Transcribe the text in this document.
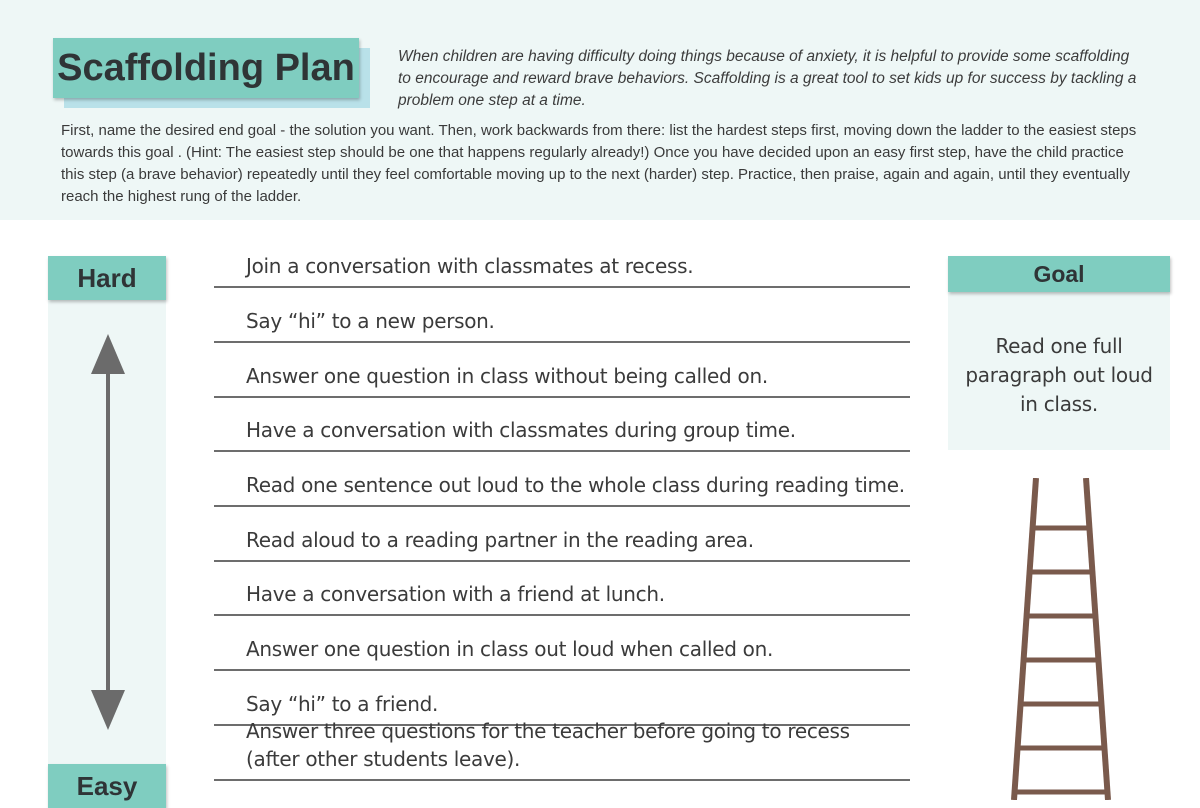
Scaffolding Plan	When children are having difficulty doing things because of anxiety, it is helpful to provide some scaffolding to encourage and reward brave behaviors. Scaffolding is a great tool to set kids up for success by tackling a problem one step at a time.
First, name the desired end goal - the solution you want. Then, work backwards from there: list the hardest steps first, moving down the ladder to the easiest steps towards this goal . (Hint: The easiest step should be one that happens regularly already!) Once you have decided upon an easy first step, have the child practice this step (a brave behavior) repeatedly until they feel comfortable moving up to the next (harder) step. Practice, then praise, again and again, until they eventually reach the highest rung of the ladder.
Hard
Easy
Join a conversation with classmates at recess.
Say “hi” to a new person.
Answer one question in class without being called on.
Have a conversation with classmates during group time.
Read one sentence out loud to the whole class during reading time.
Read aloud to a reading partner in the reading area.
Have a conversation with a friend at lunch.
Answer one question in class out loud when called on.
Say “hi” to a friend.
Answer three questions for the teacher before going to recess
(after other students leave).
Goal
Read one full paragraph out loud in class.
